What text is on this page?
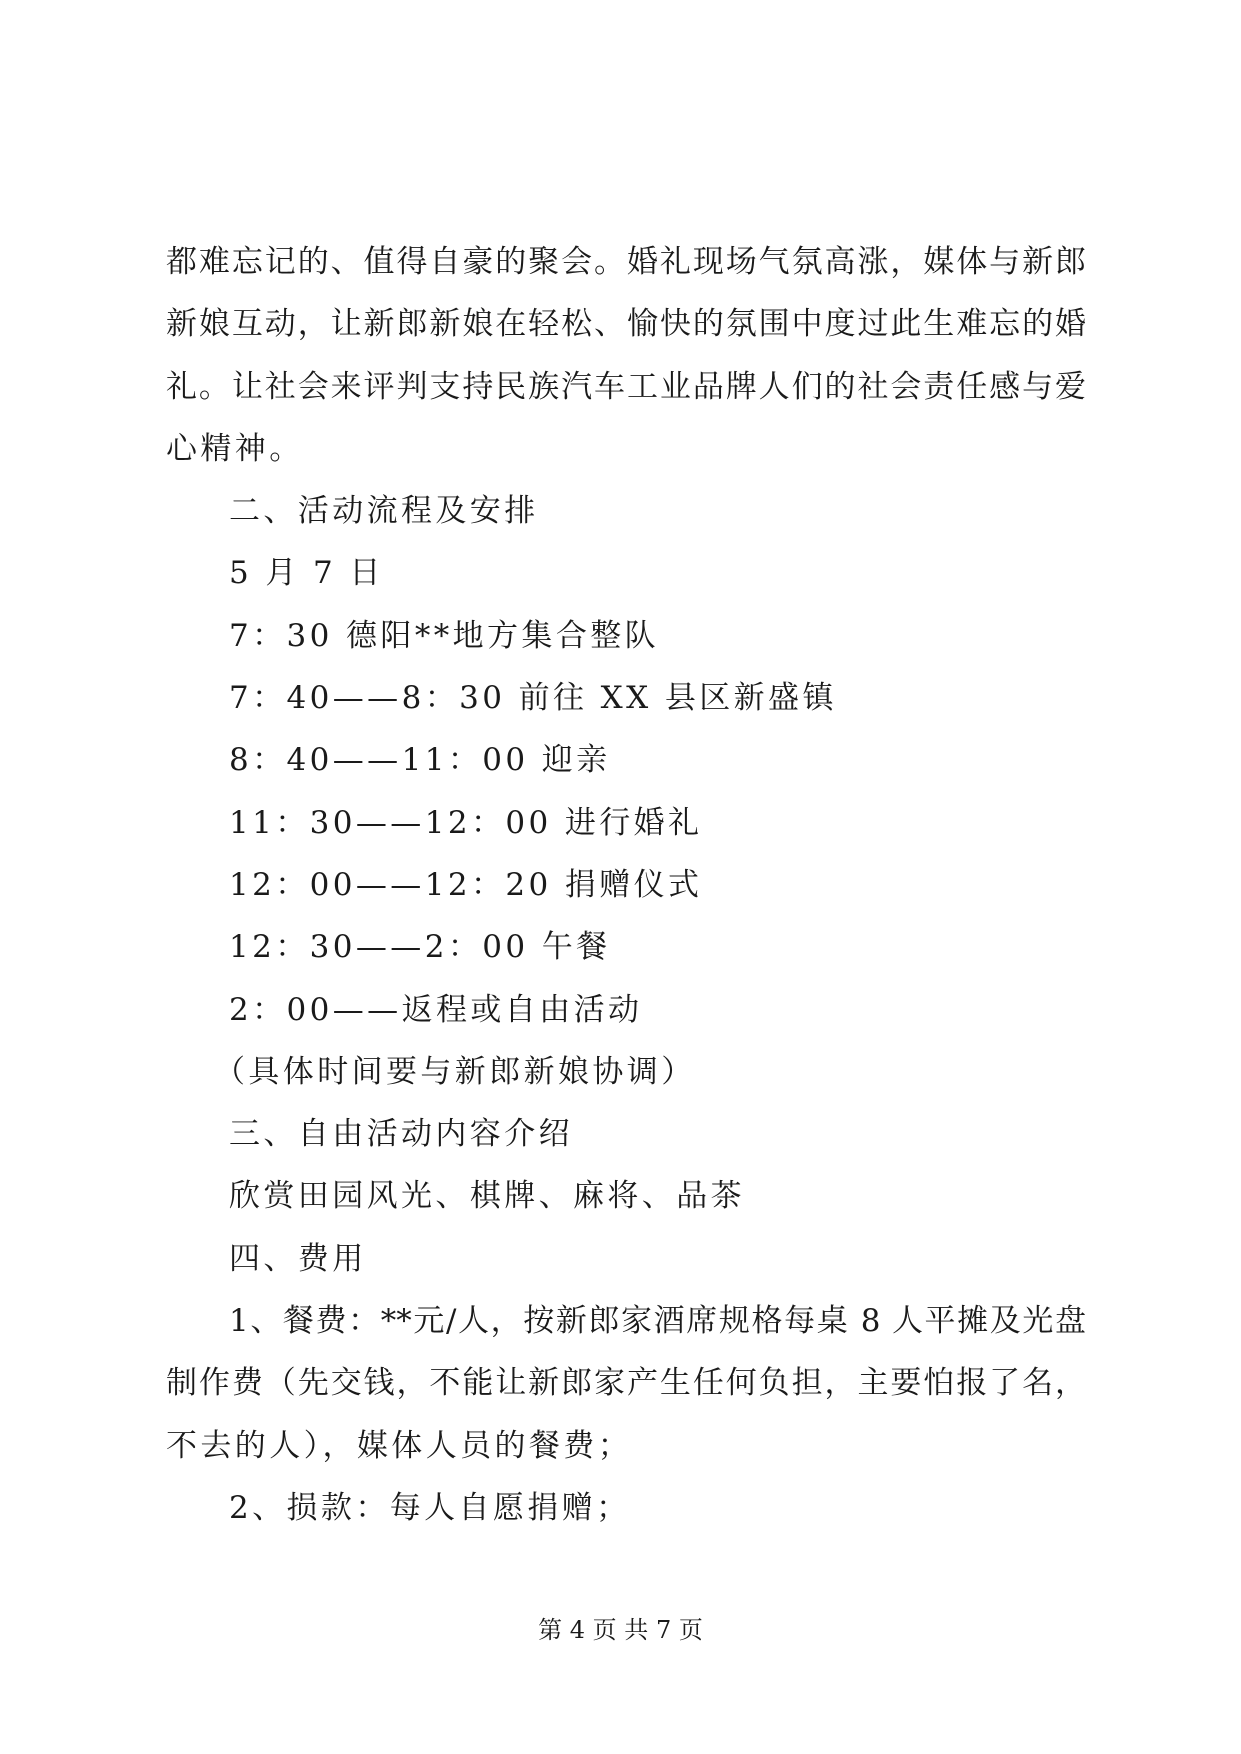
都难忘记的、值得自豪的聚会。婚礼现场气氛高涨，媒体与新郎
新娘互动，让新郎新娘在轻松、愉快的氛围中度过此生难忘的婚
礼。让社会来评判支持民族汽车工业品牌人们的社会责任感与爱
心精神。
二、活动流程及安排
5 月 7 日
7：30 德阳**地方集合整队
7：40——8：30 前往 XX 县区新盛镇
8：40——11：00 迎亲
11：30——12：00 进行婚礼
12：00——12：20 捐赠仪式
12：30——2：00 午餐
2：00——返程或自由活动
（具体时间要与新郎新娘协调）
三、自由活动内容介绍
欣赏田园风光、棋牌、麻将、品茶
四、费用
1、餐费：**元/人，按新郎家酒席规格每桌 8 人平摊及光盘
制作费（先交钱，不能让新郎家产生任何负担，主要怕报了名，
不去的人），媒体人员的餐费；
2、损款：每人自愿捐赠；
第 4 页 共 7 页
